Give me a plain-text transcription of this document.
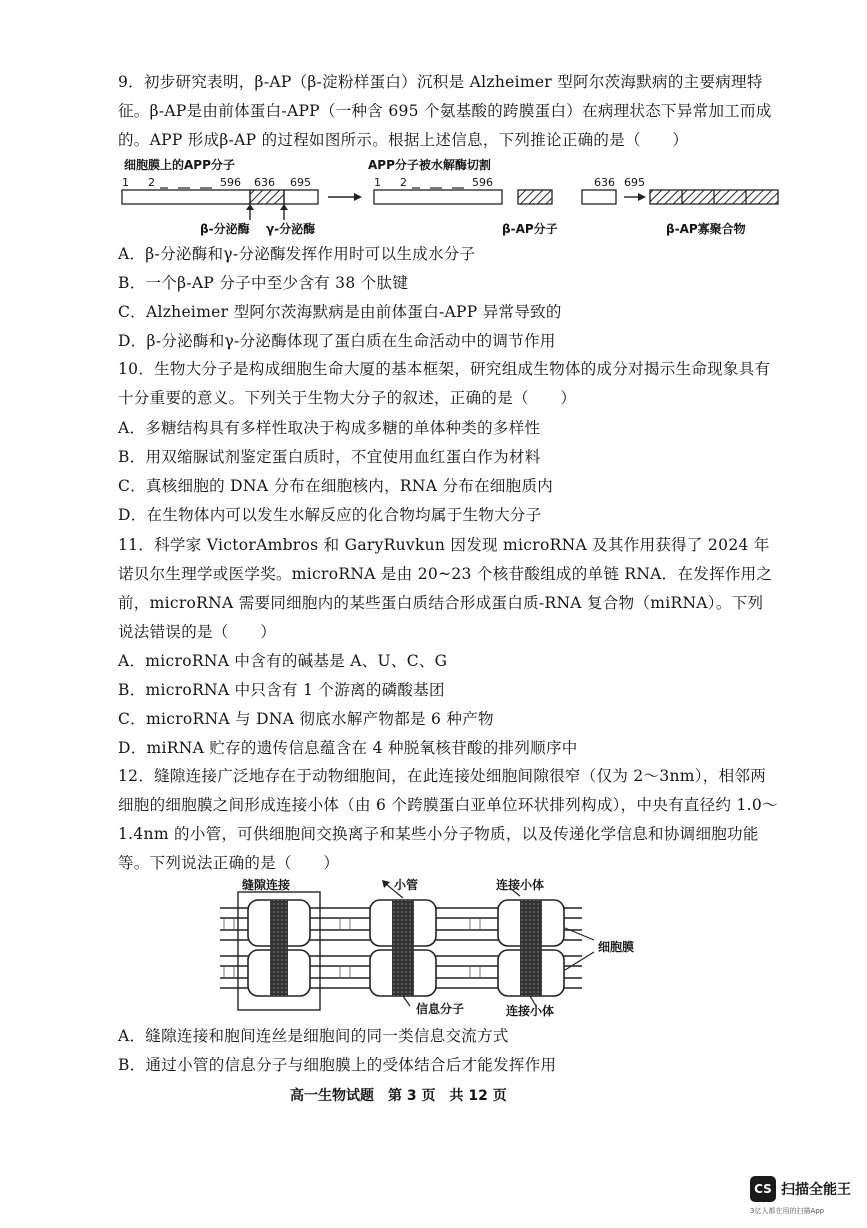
9．初步研究表明，β-AP（β-淀粉样蛋白）沉积是 Alzheimer 型阿尔茨海默病的主要病理特征。β-AP是由前体蛋白-APP（一种含 695 个氨基酸的跨膜蛋白）在病理状态下异常加工而成的。APP 形成β-AP 的过程如图所示。根据上述信息，下列推论正确的是（　　）
细胞膜上的APP分子	APP分子被水解酶切割
1 2	596 636 695	1 2	596	636 695
β-分泌酶 γ-分泌酶	β-AP分子	β-AP寡聚合物
A．β-分泌酶和γ-分泌酶发挥作用时可以生成水分子
B．一个β-AP 分子中至少含有 38 个肽键
C．Alzheimer 型阿尔茨海默病是由前体蛋白-APP 异常导致的
D．β-分泌酶和γ-分泌酶体现了蛋白质在生命活动中的调节作用
10．生物大分子是构成细胞生命大厦的基本框架，研究组成生物体的成分对揭示生命现象具有十分重要的意义。下列关于生物大分子的叙述，正确的是（　　）
A．多糖结构具有多样性取决于构成多糖的单体种类的多样性
B．用双缩脲试剂鉴定蛋白质时，不宜使用血红蛋白作为材料
C．真核细胞的 DNA 分布在细胞核内，RNA 分布在细胞质内
D．在生物体内可以发生水解反应的化合物均属于生物大分子
11．科学家 VictorAmbros 和 GaryRuvkun 因发现 microRNA 及其作用获得了 2024 年诺贝尔生理学或医学奖。microRNA 是由 20~23 个核苷酸组成的单链 RNA．在发挥作用之前，microRNA 需要同细胞内的某些蛋白质结合形成蛋白质-RNA 复合物（miRNA）。下列说法错误的是（　　）
A．microRNA 中含有的碱基是 A、U、C、G
B．microRNA 中只含有 1 个游离的磷酸基团
C．microRNA 与 DNA 彻底水解产物都是 6 种产物
D．miRNA 贮存的遗传信息蕴含在 4 种脱氧核苷酸的排列顺序中
12．缝隙连接广泛地存在于动物细胞间，在此连接处细胞间隙很窄（仅为 2～3nm），相邻两细胞的细胞膜之间形成连接小体（由 6 个跨膜蛋白亚单位环状排列构成），中央有直径约 1.0～1.4nm 的小管，可供细胞间交换离子和某些小分子物质，以及传递化学信息和协调细胞功能等。下列说法正确的是（　　）
缝隙连接	小管	连接小体
细胞膜
信息分子	连接小体
A．缝隙连接和胞间连丝是细胞间的同一类信息交流方式
B．通过小管的信息分子与细胞膜上的受体结合后才能发挥作用
高一生物试题　第 3 页　共 12 页
CS 扫描全能王
3亿人都在用的扫描App
